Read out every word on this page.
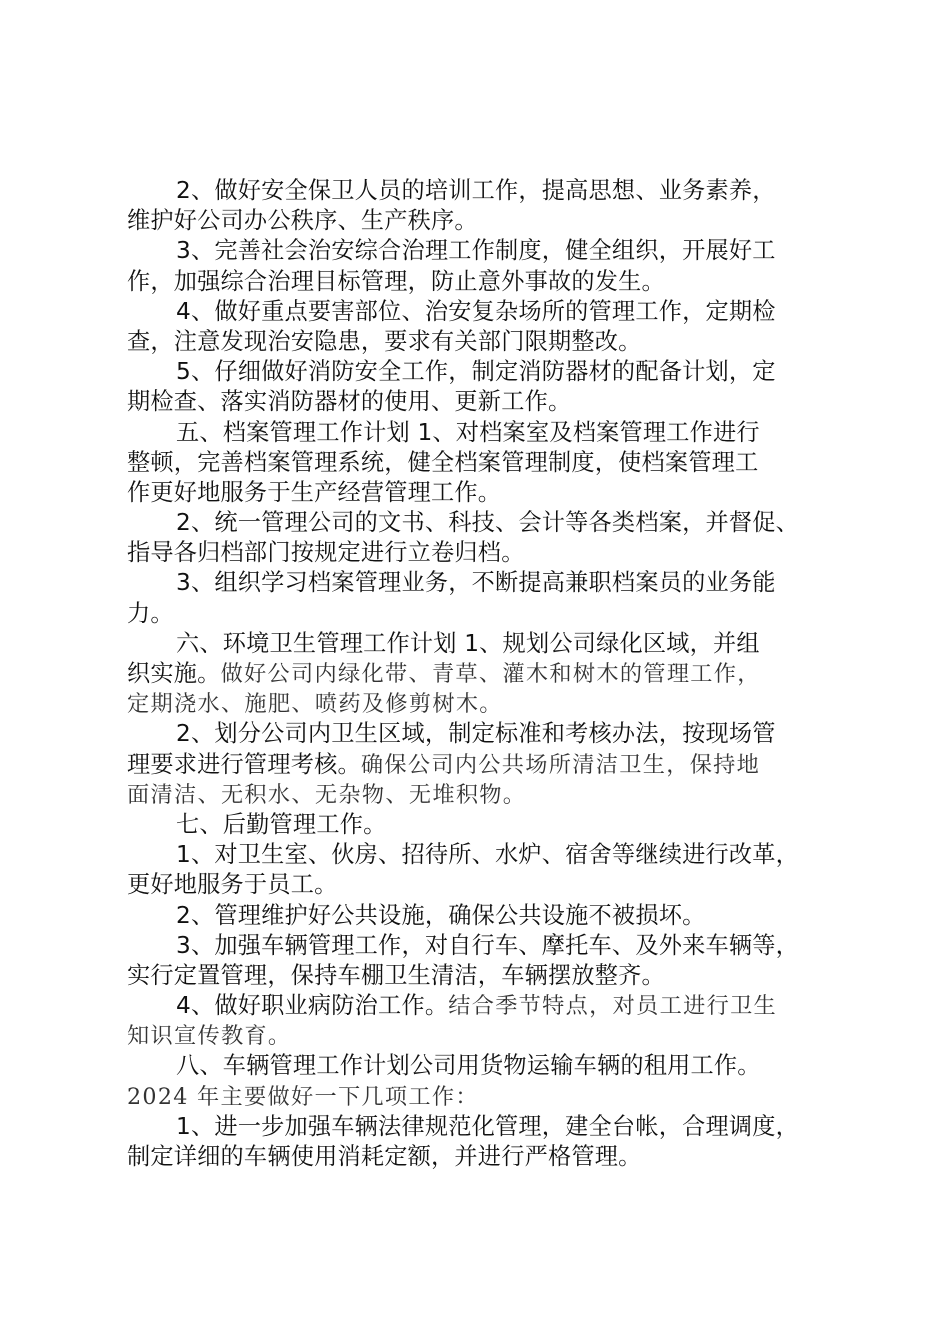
2、做好安全保卫人员的培训工作，提高思想、业务素养，
维护好公司办公秩序、生产秩序。
3、完善社会治安综合治理工作制度，健全组织，开展好工
作，加强综合治理目标管理，防止意外事故的发生。
4、做好重点要害部位、治安复杂场所的管理工作，定期检
查，注意发现治安隐患，要求有关部门限期整改。
5、仔细做好消防安全工作，制定消防器材的配备计划，定
期检查、落实消防器材的使用、更新工作。
五、档案管理工作计划 1、对档案室及档案管理工作进行
整顿，完善档案管理系统，健全档案管理制度，使档案管理工
作更好地服务于生产经营管理工作。
2、统一管理公司的文书、科技、会计等各类档案，并督促、
指导各归档部门按规定进行立卷归档。
3、组织学习档案管理业务，不断提高兼职档案员的业务能
力。
六、环境卫生管理工作计划 1、规划公司绿化区域，并组
织实施。做好公司内绿化带、青草、灌木和树木的管理工作，
定期浇水、施肥、喷药及修剪树木。
2、划分公司内卫生区域，制定标准和考核办法，按现场管
理要求进行管理考核。确保公司内公共场所清洁卫生，保持地
面清洁、无积水、无杂物、无堆积物。
七、后勤管理工作。
1、对卫生室、伙房、招待所、水炉、宿舍等继续进行改革，
更好地服务于员工。
2、管理维护好公共设施，确保公共设施不被损坏。
3、加强车辆管理工作，对自行车、摩托车、及外来车辆等，
实行定置管理，保持车棚卫生清洁，车辆摆放整齐。
4、做好职业病防治工作。结合季节特点，对员工进行卫生
知识宣传教育。
八、车辆管理工作计划公司用货物运输车辆的租用工作。
2024 年主要做好一下几项工作：
1、进一步加强车辆法律规范化管理，建全台帐，合理调度，
制定详细的车辆使用消耗定额，并进行严格管理。
